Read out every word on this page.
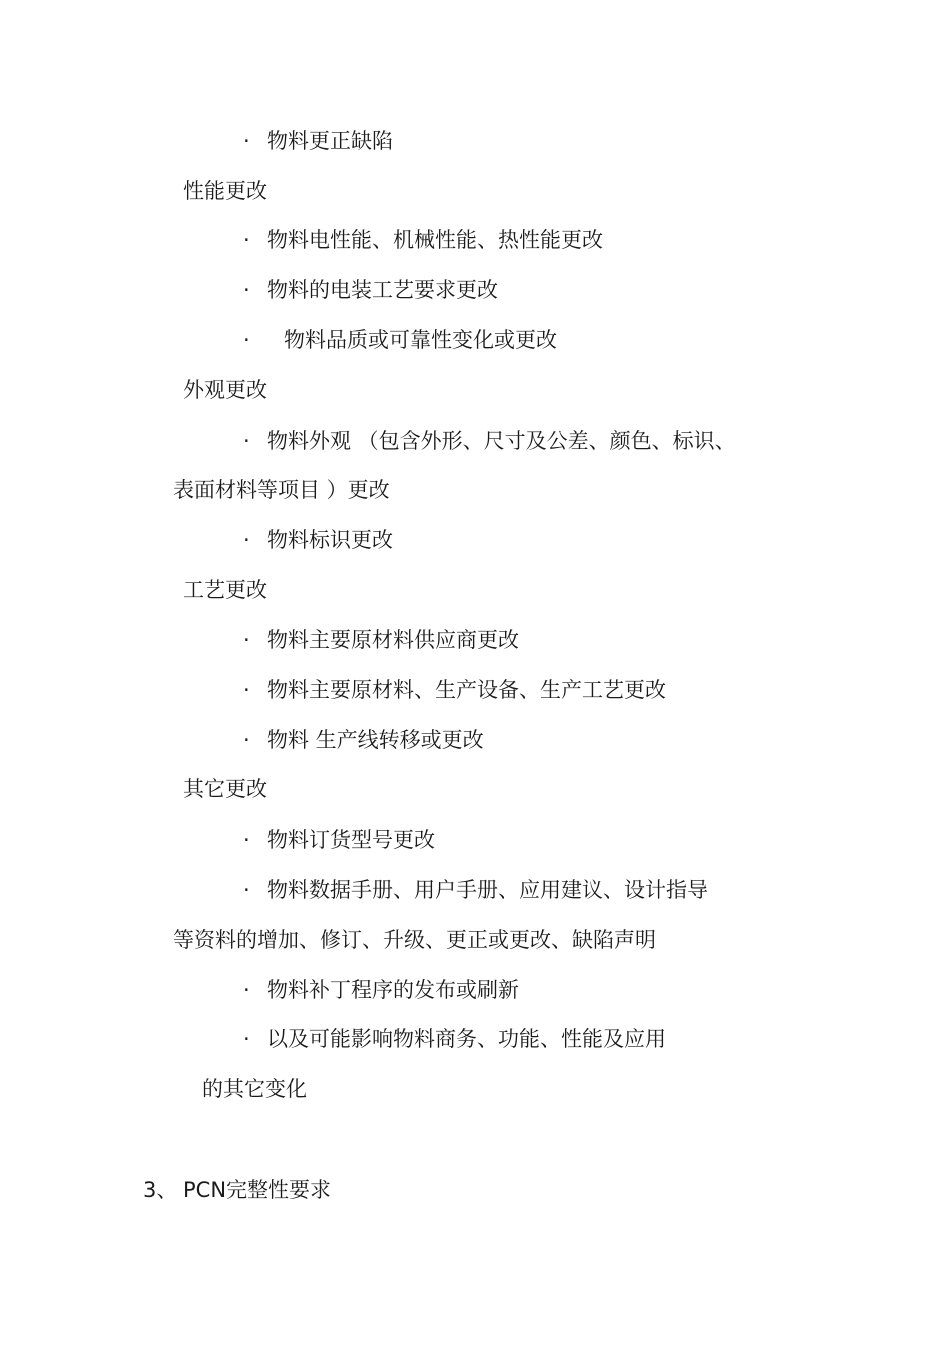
· 物料更正缺陷
性能更改
· 物料电性能、机械性能、热性能更改
· 物料的电装工艺要求更改
· 物料品质或可靠性变化或更改
外观更改
· 物料外观 （包含外形、尺寸及公差、颜色、标识、
表面材料等项目 ）更改
· 物料标识更改
工艺更改
· 物料主要原材料供应商更改
· 物料主要原材料、生产设备、生产工艺更改
· 物料 生产线转移或更改
其它更改
· 物料订货型号更改
· 物料数据手册、用户手册、应用建议、设计指导
等资料的增加、修订、升级、更正或更改、缺陷声明
· 物料补丁程序的发布或刷新
· 以及可能影响物料商务、功能、性能及应用
的其它变化
3、 PCN完整性要求
